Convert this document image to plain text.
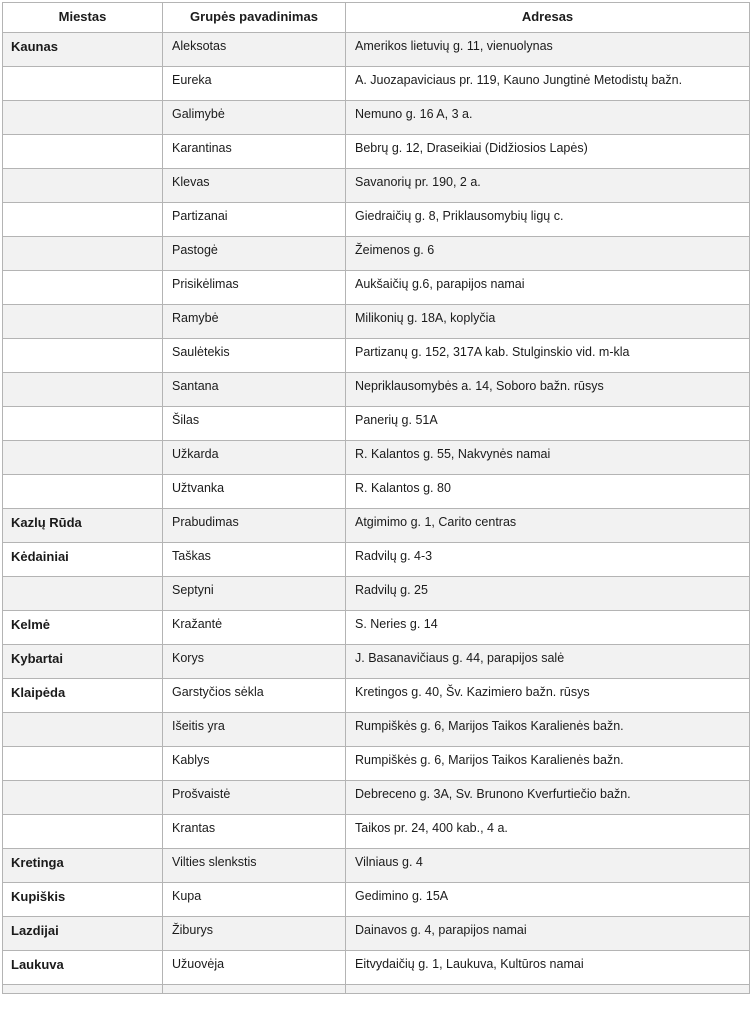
Miestas	Grupės pavadinimas	Adresas
Kaunas	Aleksotas	Amerikos lietuvių g. 11, vienuolynas
	Eureka	A. Juozapaviciaus pr. 119, Kauno Jungtinė Metodistų bažn.
	Galimybė	Nemuno g. 16 A, 3 a.
	Karantinas	Bebrų g. 12, Draseikiai (Didžiosios Lapės)
	Klevas	Savanorių pr. 190, 2 a.
	Partizanai	Giedraičių g. 8, Priklausomybių ligų c.
	Pastogė	Žeimenos g. 6
	Prisikėlimas	Aukšaičių g.6, parapijos namai
	Ramybė	Milikonių g. 18A, koplyčia
	Saulėtekis	Partizanų g. 152, 317A kab. Stulginskio vid. m-kla
	Santana	Nepriklausomybės a. 14, Soboro bažn. rūsys
	Šilas	Panerių g. 51A
	Užkarda	R. Kalantos g. 55, Nakvynės namai
	Užtvanka	R. Kalantos g. 80
Kazlų Rūda	Prabudimas	Atgimimo g. 1, Carito centras
Kėdainiai	Taškas	Radvilų g. 4-3
	Septyni	Radvilų g. 25
Kelmė	Kražantė	S. Neries g. 14
Kybartai	Korys	J. Basanavičiaus g. 44, parapijos salė
Klaipėda	Garstyčios sėkla	Kretingos g. 40, Šv. Kazimiero bažn. rūsys
	Išeitis yra	Rumpiškės g. 6, Marijos Taikos Karalienės bažn.
	Kablys	Rumpiškės g. 6, Marijos Taikos Karalienės bažn.
	Prošvaistė	Debreceno g. 3A, Sv. Brunono Kverfurtiečio bažn.
	Krantas	Taikos pr. 24, 400 kab., 4 a.
Kretinga	Vilties slenkstis	Vilniaus g. 4
Kupiškis	Kupa	Gedimino g. 15A
Lazdijai	Žiburys	Dainavos g. 4, parapijos namai
Laukuva	Užuovėja	Eitvydaičių g. 1, Laukuva, Kultūros namai
